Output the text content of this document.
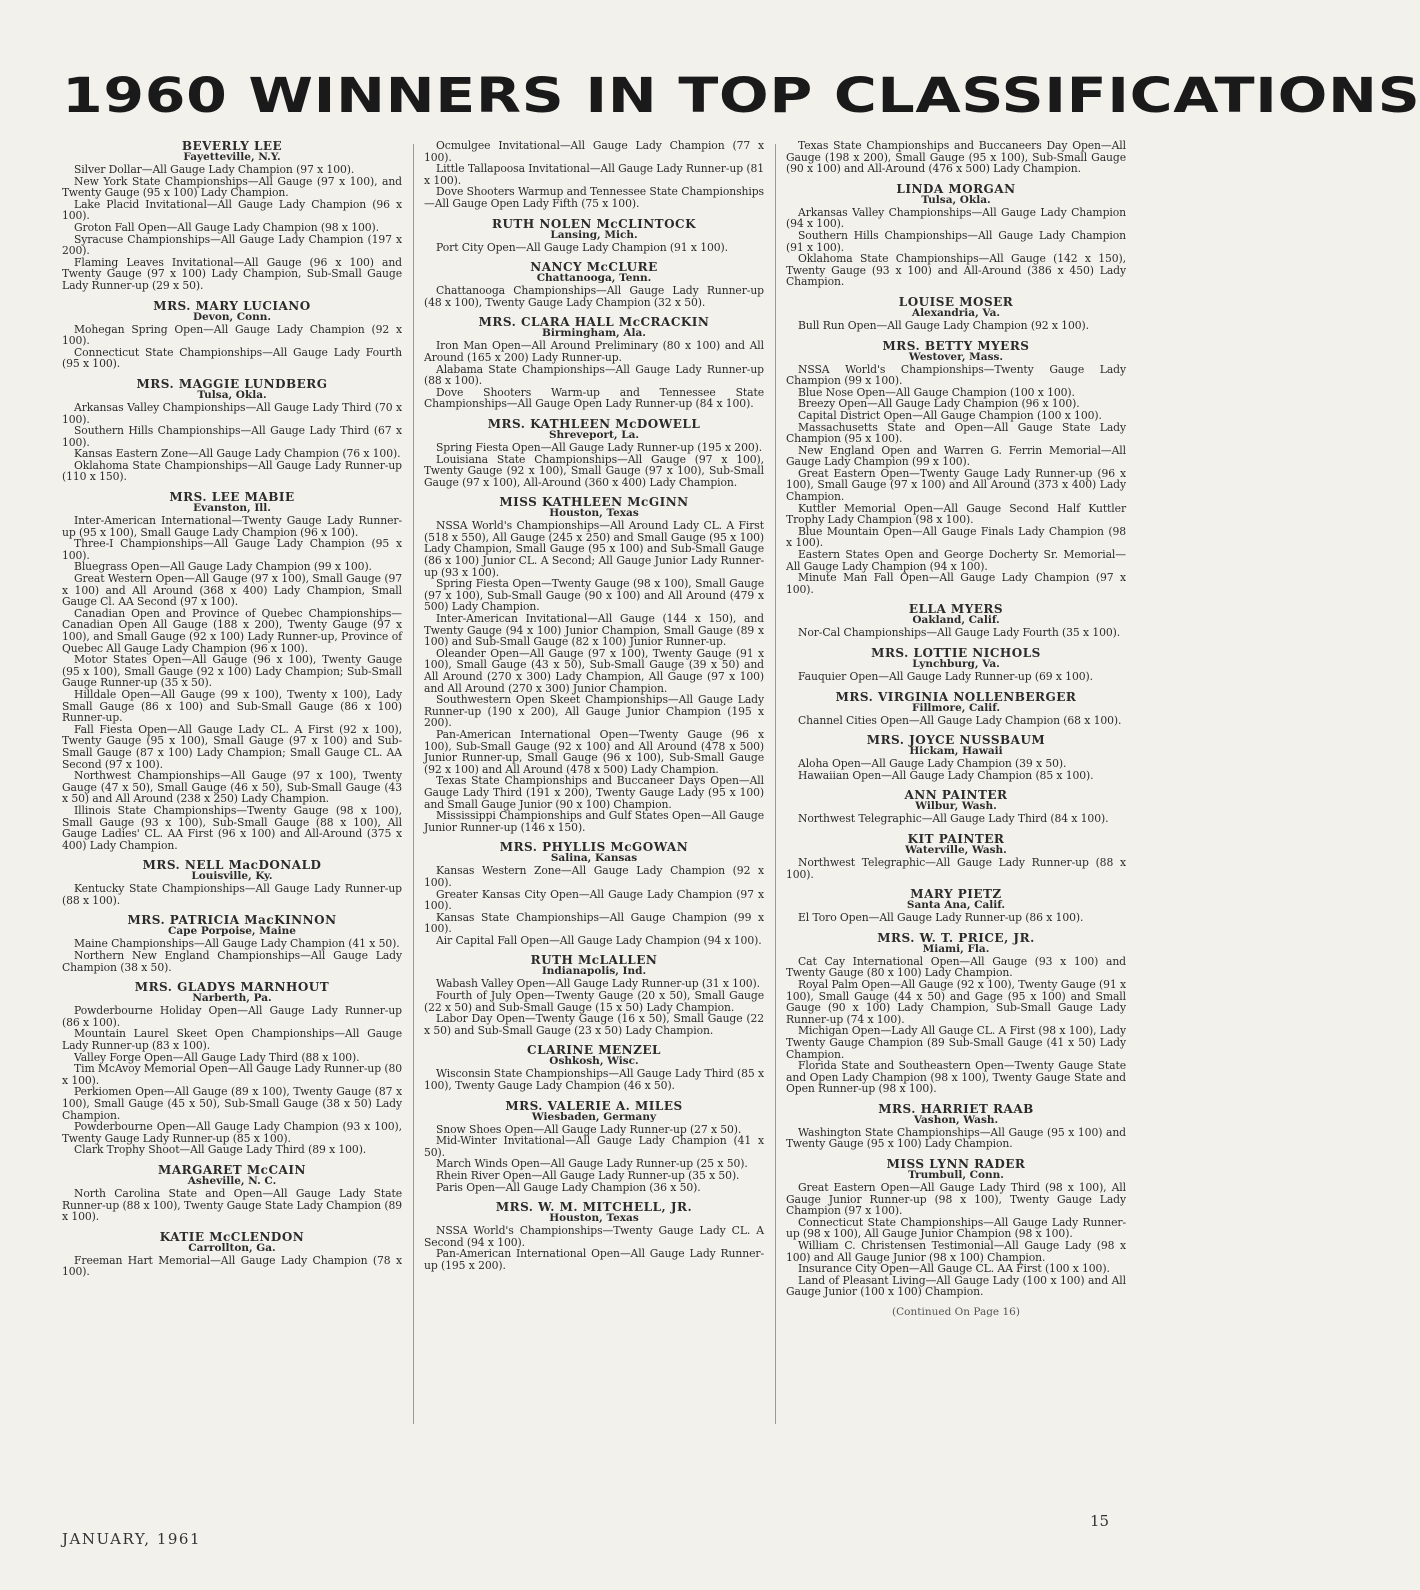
1960 WINNERS IN TOP CLASSIFICATIONS
BEVERLY LEE
Fayetteville, N.Y.

Silver Dollar—All Gauge Lady Champion (97 x 100).

New York State Championships—All Gauge (97 x 100), and Twenty Gauge (95 x 100) Lady Champion.

Lake Placid Invitational—All Gauge Lady Champion (96 x 100).

Groton Fall Open—All Gauge Lady Champion (98 x 100).

Syracuse Championships—All Gauge Lady Champion (197 x 200).

Flaming Leaves Invitational—All Gauge (96 x 100) and Twenty Gauge (97 x 100) Lady Champion, Sub-Small Gauge Lady Runner-up (29 x 50).

MRS. MARY LUCIANO
Devon, Conn.

Mohegan Spring Open—All Gauge Lady Champion (92 x 100).

Connecticut State Championships—All Gauge Lady Fourth (95 x 100).

MRS. MAGGIE LUNDBERG
Tulsa, Okla.

Arkansas Valley Championships—All Gauge Lady Third (70 x 100).

Southern Hills Championships—All Gauge Lady Third (67 x 100).

Kansas Eastern Zone—All Gauge Lady Champion (76 x 100).

Oklahoma State Championships—All Gauge Lady Runner-up (110 x 150).

MRS. LEE MABIE
Evanston, Ill.

Inter-American International—Twenty Gauge Lady Runner-up (95 x 100), Small Gauge Lady Champion (96 x 100).

Three-I Championships—All Gauge Lady Champion (95 x 100).

Bluegrass Open—All Gauge Lady Champion (99 x 100).

Great Western Open—All Gauge (97 x 100), Small Gauge (97 x 100) and All Around (368 x 400) Lady Champion, Small Gauge Cl. AA Second (97 x 100).

Canadian Open and Province of Quebec Championships—Canadian Open All Gauge (188 x 200), Twenty Gauge (97 x 100), and Small Gauge (92 x 100) Lady Runner-up, Province of Quebec All Gauge Lady Champion (96 x 100).

Motor States Open—All Gauge (96 x 100), Twenty Gauge (95 x 100), Small Gauge (92 x 100) Lady Champion; Sub-Small Gauge Runner-up (35 x 50).

Hilldale Open—All Gauge (99 x 100), Twenty x 100), Lady Small Gauge (86 x 100) and Sub-Small Gauge (86 x 100) Runner-up.

Fall Fiesta Open—All Gauge Lady CL. A First (92 x 100), Twenty Gauge (95 x 100), Small Gauge (97 x 100) and Sub-Small Gauge (87 x 100) Lady Champion; Small Gauge CL. AA Second (97 x 100).

Northwest Championships—All Gauge (97 x 100), Twenty Gauge (47 x 50), Small Gauge (46 x 50), Sub-Small Gauge (43 x 50) and All Around (238 x 250) Lady Champion.

Illinois State Championships—Twenty Gauge (98 x 100), Small Gauge (93 x 100), Sub-Small Gauge (88 x 100), All Gauge Ladies' CL. AA First (96 x 100) and All-Around (375 x 400) Lady Champion.

MRS. NELL MacDONALD
Louisville, Ky.

Kentucky State Championships—All Gauge Lady Runner-up (88 x 100).

MRS. PATRICIA MacKINNON
Cape Porpoise, Maine

Maine Championships—All Gauge Lady Champion (41 x 50).

Northern New England Championships—All Gauge Lady Champion (38 x 50).

MRS. GLADYS MARNHOUT
Narberth, Pa.

Powderbourne Holiday Open—All Gauge Lady Runner-up (86 x 100).

Mountain Laurel Skeet Open Championships—All Gauge Lady Runner-up (83 x 100).

Valley Forge Open—All Gauge Lady Third (88 x 100).

Tim McAvoy Memorial Open—All Gauge Lady Runner-up (80 x 100).

Perkiomen Open—All Gauge (89 x 100), Twenty Gauge (87 x 100), Small Gauge (45 x 50), Sub-Small Gauge (38 x 50) Lady Champion.

Powderbourne Open—All Gauge Lady Champion (93 x 100), Twenty Gauge Lady Runner-up (85 x 100).

Clark Trophy Shoot—All Gauge Lady Third (89 x 100).

MARGARET McCAIN
Asheville, N. C.

North Carolina State and Open—All Gauge Lady State Runner-up (88 x 100), Twenty Gauge State Lady Champion (89 x 100).

KATIE McCLENDON
Carrollton, Ga.

Freeman Hart Memorial—All Gauge Lady Champion (78 x 100).

Ocmulgee Invitational—All Gauge Lady Champion (77 x 100).

Little Tallapoosa Invitational—All Gauge Lady Runner-up (81 x 100).

Dove Shooters Warmup and Tennessee State Championships—All Gauge Open Lady Fifth (75 x 100).

RUTH NOLEN McCLINTOCK
Lansing, Mich.

Port City Open—All Gauge Lady Champion (91 x 100).

NANCY McCLURE
Chattanooga, Tenn.

Chattanooga Championships—All Gauge Lady Runner-up (48 x 100), Twenty Gauge Lady Champion (32 x 50).

MRS. CLARA HALL McCRACKIN
Birmingham, Ala.

Iron Man Open—All Around Preliminary (80 x 100) and All Around (165 x 200) Lady Runner-up.

Alabama State Championships—All Gauge Lady Runner-up (88 x 100).

Dove Shooters Warm-up and Tennessee State Championships—All Gauge Open Lady Runner-up (84 x 100).

MRS. KATHLEEN McDOWELL
Shreveport, La.

Spring Fiesta Open—All Gauge Lady Runner-up (195 x 200).

Louisiana State Championships—All Gauge (97 x 100), Twenty Gauge (92 x 100), Small Gauge (97 x 100), Sub-Small Gauge (97 x 100), All-Around (360 x 400) Lady Champion.

MISS KATHLEEN McGINN
Houston, Texas

NSSA World's Championships—All Around Lady CL. A First (518 x 550), All Gauge (245 x 250) and Small Gauge (95 x 100) Lady Champion, Small Gauge (95 x 100) and Sub-Small Gauge (86 x 100) Junior CL. A Second; All Gauge Junior Lady Runner-up (93 x 100).

Spring Fiesta Open—Twenty Gauge (98 x 100), Small Gauge (97 x 100), Sub-Small Gauge (90 x 100) and All Around (479 x 500) Lady Champion.

Inter-American Invitational—All Gauge (144 x 150), and Twenty Gauge (94 x 100) Junior Champion, Small Gauge (89 x 100) and Sub-Small Gauge (82 x 100) Junior Runner-up.

Oleander Open—All Gauge (97 x 100), Twenty Gauge (91 x 100), Small Gauge (43 x 50), Sub-Small Gauge (39 x 50) and All Around (270 x 300) Lady Champion, All Gauge (97 x 100) and All Around (270 x 300) Junior Champion.

Southwestern Open Skeet Championships—All Gauge Lady Runner-up (190 x 200), All Gauge Junior Champion (195 x 200).

Pan-American International Open—Twenty Gauge (96 x 100), Sub-Small Gauge (92 x 100) and All Around (478 x 500) Junior Runner-up, Small Gauge (96 x 100), Sub-Small Gauge (92 x 100) and All Around (478 x 500) Lady Champion.

Texas State Championships and Buccaneer Days Open—All Gauge Lady Third (191 x 200), Twenty Gauge Lady (95 x 100) and Small Gauge Junior (90 x 100) Champion.

Mississippi Championships and Gulf States Open—All Gauge Junior Runner-up (146 x 150).

MRS. PHYLLIS McGOWAN
Salina, Kansas

Kansas Western Zone—All Gauge Lady Champion (92 x 100).

Greater Kansas City Open—All Gauge Lady Champion (97 x 100).

Kansas State Championships—All Gauge Champion (99 x 100).

Air Capital Fall Open—All Gauge Lady Champion (94 x 100).

RUTH McLALLEN
Indianapolis, Ind.

Wabash Valley Open—All Gauge Lady Runner-up (31 x 100).

Fourth of July Open—Twenty Gauge (20 x 50), Small Gauge (22 x 50) and Sub-Small Gauge (15 x 50) Lady Champion.

Labor Day Open—Twenty Gauge (16 x 50), Small Gauge (22 x 50) and Sub-Small Gauge (23 x 50) Lady Champion.

CLARINE MENZEL
Oshkosh, Wisc.

Wisconsin State Championships—All Gauge Lady Third (85 x 100), Twenty Gauge Lady Champion (46 x 50).

MRS. VALERIE A. MILES
Wiesbaden, Germany

Snow Shoes Open—All Gauge Lady Runner-up (27 x 50).

Mid-Winter Invitational—All Gauge Lady Champion (41 x 50).

March Winds Open—All Gauge Lady Runner-up (25 x 50).

Rhein River Open—All Gauge Lady Runner-up (35 x 50).

Paris Open—All Gauge Lady Champion (36 x 50).

MRS. W. M. MITCHELL, JR.
Houston, Texas

NSSA World's Championships—Twenty Gauge Lady CL. A Second (94 x 100).

Pan-American International Open—All Gauge Lady Runner-up (195 x 200).

Texas State Championships and Buccaneers Day Open—All Gauge (198 x 200), Small Gauge (95 x 100), Sub-Small Gauge (90 x 100) and All-Around (476 x 500) Lady Champion.

LINDA MORGAN
Tulsa, Okla.

Arkansas Valley Championships—All Gauge Lady Champion (94 x 100).

Southern Hills Championships—All Gauge Lady Champion (91 x 100).

Oklahoma State Championships—All Gauge (142 x 150), Twenty Gauge (93 x 100) and All-Around (386 x 450) Lady Champion.

LOUISE MOSER
Alexandria, Va.

Bull Run Open—All Gauge Lady Champion (92 x 100).

MRS. BETTY MYERS
Westover, Mass.

NSSA World's Championships—Twenty Gauge Lady Champion (99 x 100).

Blue Nose Open—All Gauge Champion (100 x 100).

Breezy Open—All Gauge Lady Champion (96 x 100).

Capital District Open—All Gauge Champion (100 x 100).

Massachusetts State and Open—All Gauge State Lady Champion (95 x 100).

New England Open and Warren G. Ferrin Memorial—All Gauge Lady Champion (99 x 100).

Great Eastern Open—Twenty Gauge Lady Runner-up (96 x 100), Small Gauge (97 x 100) and All Around (373 x 400) Lady Champion.

Kuttler Memorial Open—All Gauge Second Half Kuttler Trophy Lady Champion (98 x 100).

Blue Mountain Open—All Gauge Finals Lady Champion (98 x 100).

Eastern States Open and George Docherty Sr. Memorial—All Gauge Lady Champion (94 x 100).

Minute Man Fall Open—All Gauge Lady Champion (97 x 100).

ELLA MYERS
Oakland, Calif.

Nor-Cal Championships—All Gauge Lady Fourth (35 x 100).

MRS. LOTTIE NICHOLS
Lynchburg, Va.

Fauquier Open—All Gauge Lady Runner-up (69 x 100).

MRS. VIRGINIA NOLLENBERGER
Fillmore, Calif.

Channel Cities Open—All Gauge Lady Champion (68 x 100).

MRS. JOYCE NUSSBAUM
Hickam, Hawaii

Aloha Open—All Gauge Lady Champion (39 x 50).

Hawaiian Open—All Gauge Lady Champion (85 x 100).

ANN PAINTER
Wilbur, Wash.

Northwest Telegraphic—All Gauge Lady Third (84 x 100).

KIT PAINTER
Waterville, Wash.

Northwest Telegraphic—All Gauge Lady Runner-up (88 x 100).

MARY PIETZ
Santa Ana, Calif.

El Toro Open—All Gauge Lady Runner-up (86 x 100).

MRS. W. T. PRICE, JR.
Miami, Fla.

Cat Cay International Open—All Gauge (93 x 100) and Twenty Gauge (80 x 100) Lady Champion.

Royal Palm Open—All Gauge (92 x 100), Twenty Gauge (91 x 100), Small Gauge (44 x 50) and Gage (95 x 100) and Small Gauge (90 x 100) Lady Champion, Sub-Small Gauge Lady Runner-up (74 x 100).

Michigan Open—Lady All Gauge CL. A First (98 x 100), Lady Twenty Gauge Champion (89 Sub-Small Gauge (41 x 50) Lady Champion.

Florida State and Southeastern Open—Twenty Gauge State and Open Lady Champion (98 x 100), Twenty Gauge State and Open Runner-up (98 x 100).

MRS. HARRIET RAAB
Vashon, Wash.

Washington State Championships—All Gauge (95 x 100) and Twenty Gauge (95 x 100) Lady Champion.

MISS LYNN RADER
Trumbull, Conn.

Great Eastern Open—All Gauge Lady Third (98 x 100), All Gauge Junior Runner-up (98 x 100), Twenty Gauge Lady Champion (97 x 100).

Connecticut State Championships—All Gauge Lady Runner-up (98 x 100), All Gauge Junior Champion (98 x 100).

William C. Christensen Testimonial—All Gauge Lady (98 x 100) and All Gauge Junior (98 x 100) Champion.

Insurance City Open—All Gauge CL. AA First (100 x 100).

Land of Pleasant Living—All Gauge Lady (100 x 100) and All Gauge Junior (100 x 100) Champion.

(Continued On Page 16)
JANUARY, 1961
15
